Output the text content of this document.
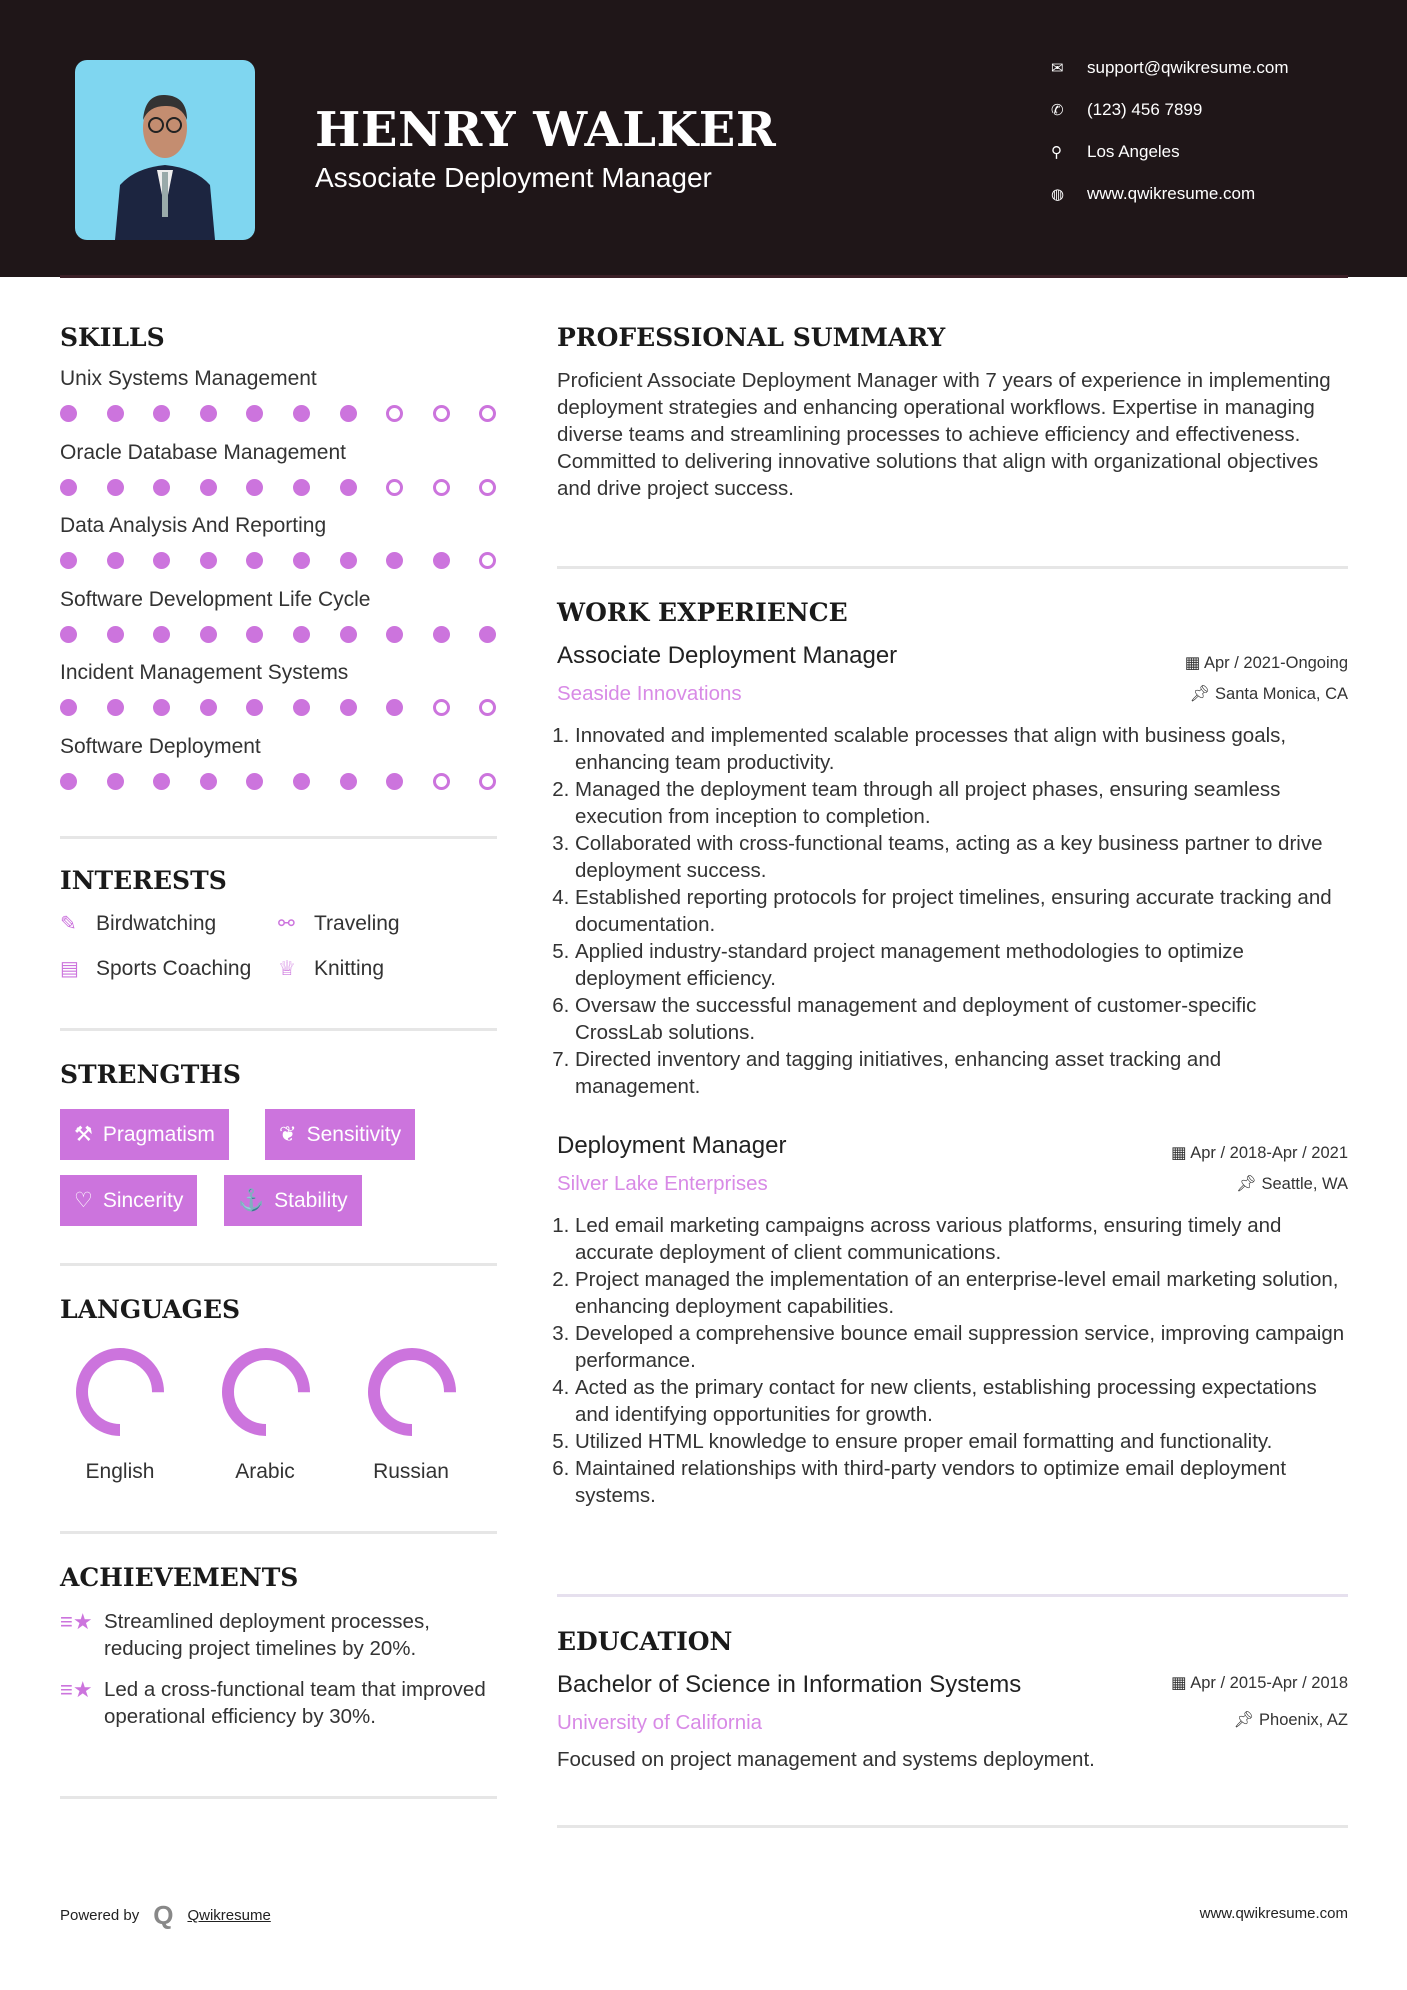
HENRY WALKER
Associate Deployment Manager
✉	support@qwikresume.com
✆	(123) 456 7899
⚲	Los Angeles
◍	www.qwikresume.com
SKILLS
Unix Systems Management
Oracle Database Management
Data Analysis And Reporting
Software Development Life Cycle
Incident Management Systems
Software Deployment
INTERESTS
✎ Birdwatching	⚯ Traveling
▤ Sports Coaching ♕ Knitting
STRENGTHS
⚒ Pragmatism	❦ Sensitivity
♡ Sincerity	⚓ Stability
LANGUAGES
English	Arabic	Russian
ACHIEVEMENTS
≡★ Streamlined deployment processes, reducing project timelines by 20%.
≡★ Led a cross-functional team that improved operational efficiency by 30%.
PROFESSIONAL SUMMARY
Proficient Associate Deployment Manager with 7 years of experience in implementing deployment strategies and enhancing operational workflows. Expertise in managing diverse teams and streamlining processes to achieve efficiency and effectiveness. Committed to delivering innovative solutions that align with organizational objectives and drive project success.
WORK EXPERIENCE
Associate Deployment Manager	▦ Apr / 2021-Ongoing
Seaside Innovations	📌︎ Santa Monica, CA
1. Innovated and implemented scalable processes that align with business goals, enhancing team productivity.
2. Managed the deployment team through all project phases, ensuring seamless execution from inception to completion.
3. Collaborated with cross-functional teams, acting as a key business partner to drive deployment success.
4. Established reporting protocols for project timelines, ensuring accurate tracking and documentation.
5. Applied industry-standard project management methodologies to optimize deployment efficiency.
6. Oversaw the successful management and deployment of customer-specific CrossLab solutions.
7. Directed inventory and tagging initiatives, enhancing asset tracking and management.
Deployment Manager	▦ Apr / 2018-Apr / 2021
Silver Lake Enterprises	📌︎ Seattle, WA
1. Led email marketing campaigns across various platforms, ensuring timely and accurate deployment of client communications.
2. Project managed the implementation of an enterprise-level email marketing solution, enhancing deployment capabilities.
3. Developed a comprehensive bounce email suppression service, improving campaign performance.
4. Acted as the primary contact for new clients, establishing processing expectations and identifying opportunities for growth.
5. Utilized HTML knowledge to ensure proper email formatting and functionality.
6. Maintained relationships with third-party vendors to optimize email deployment systems.
EDUCATION
Bachelor of Science in Information Systems	▦ Apr / 2015-Apr / 2018
University of California	📌︎ Phoenix, AZ
Focused on project management and systems deployment.
Powered by Q Qwikresume	www.qwikresume.com
